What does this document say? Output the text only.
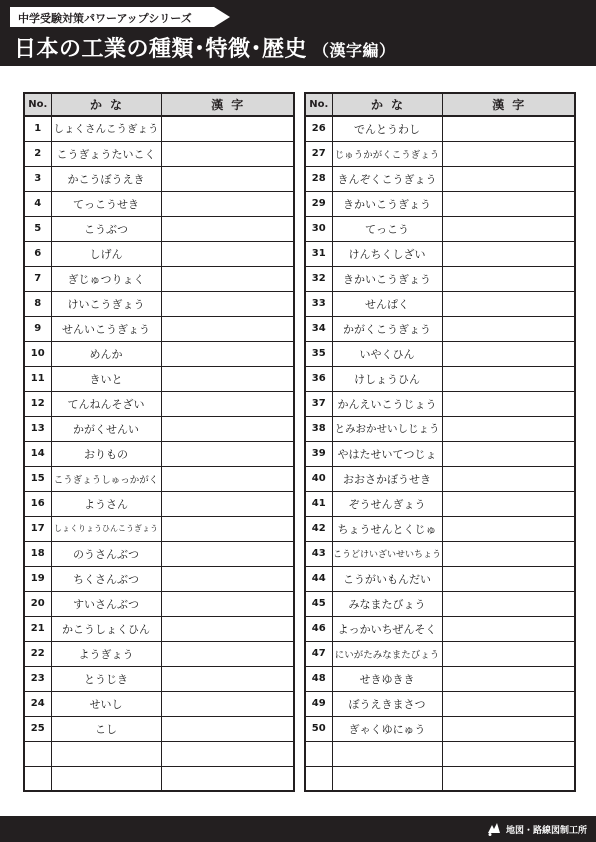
中学受験対策パワーアップシリーズ
日本の工業の種類･特徴･歴史 （漢字編）
No.	かな	漢字
1	しょくさんこうぎょう	
2	こうぎょうたいこく	
3	かこうぼうえき	
4	てっこうせき	
5	こうぶつ	
6	しげん	
7	ぎじゅつりょく	
8	けいこうぎょう	
9	せんいこうぎょう	
10	めんか	
11	きいと	
12	てんねんそざい	
13	かがくせんい	
14	おりもの	
15	こうぎょうしゅっかがく	
16	ようさん	
17	しょくりょうひんこうぎょう	
18	のうさんぶつ	
19	ちくさんぶつ	
20	すいさんぶつ	
21	かこうしょくひん	
22	ようぎょう	
23	とうじき	
24	せいし	
25	こし	

No.	かな	漢字
26	でんとうわし	
27	じゅうかがくこうぎょう	
28	きんぞくこうぎょう	
29	きかいこうぎょう	
30	てっこう	
31	けんちくしざい	
32	きかいこうぎょう	
33	せんぱく	
34	かがくこうぎょう	
35	いやくひん	
36	けしょうひん	
37	かんえいこうじょう	
38	とみおかせいしじょう	
39	やはたせいてつじょ	
40	おおさかぼうせき	
41	ぞうせんぎょう	
42	ちょうせんとくじゅ	
43	こうどけいざいせいちょう	
44	こうがいもんだい	
45	みなまたびょう	
46	よっかいちぜんそく	
47	にいがたみなまたびょう	
48	せきゆきき	
49	ぼうえきまさつ	
50	ぎゃくゆにゅう	

地図・路線図制工所
